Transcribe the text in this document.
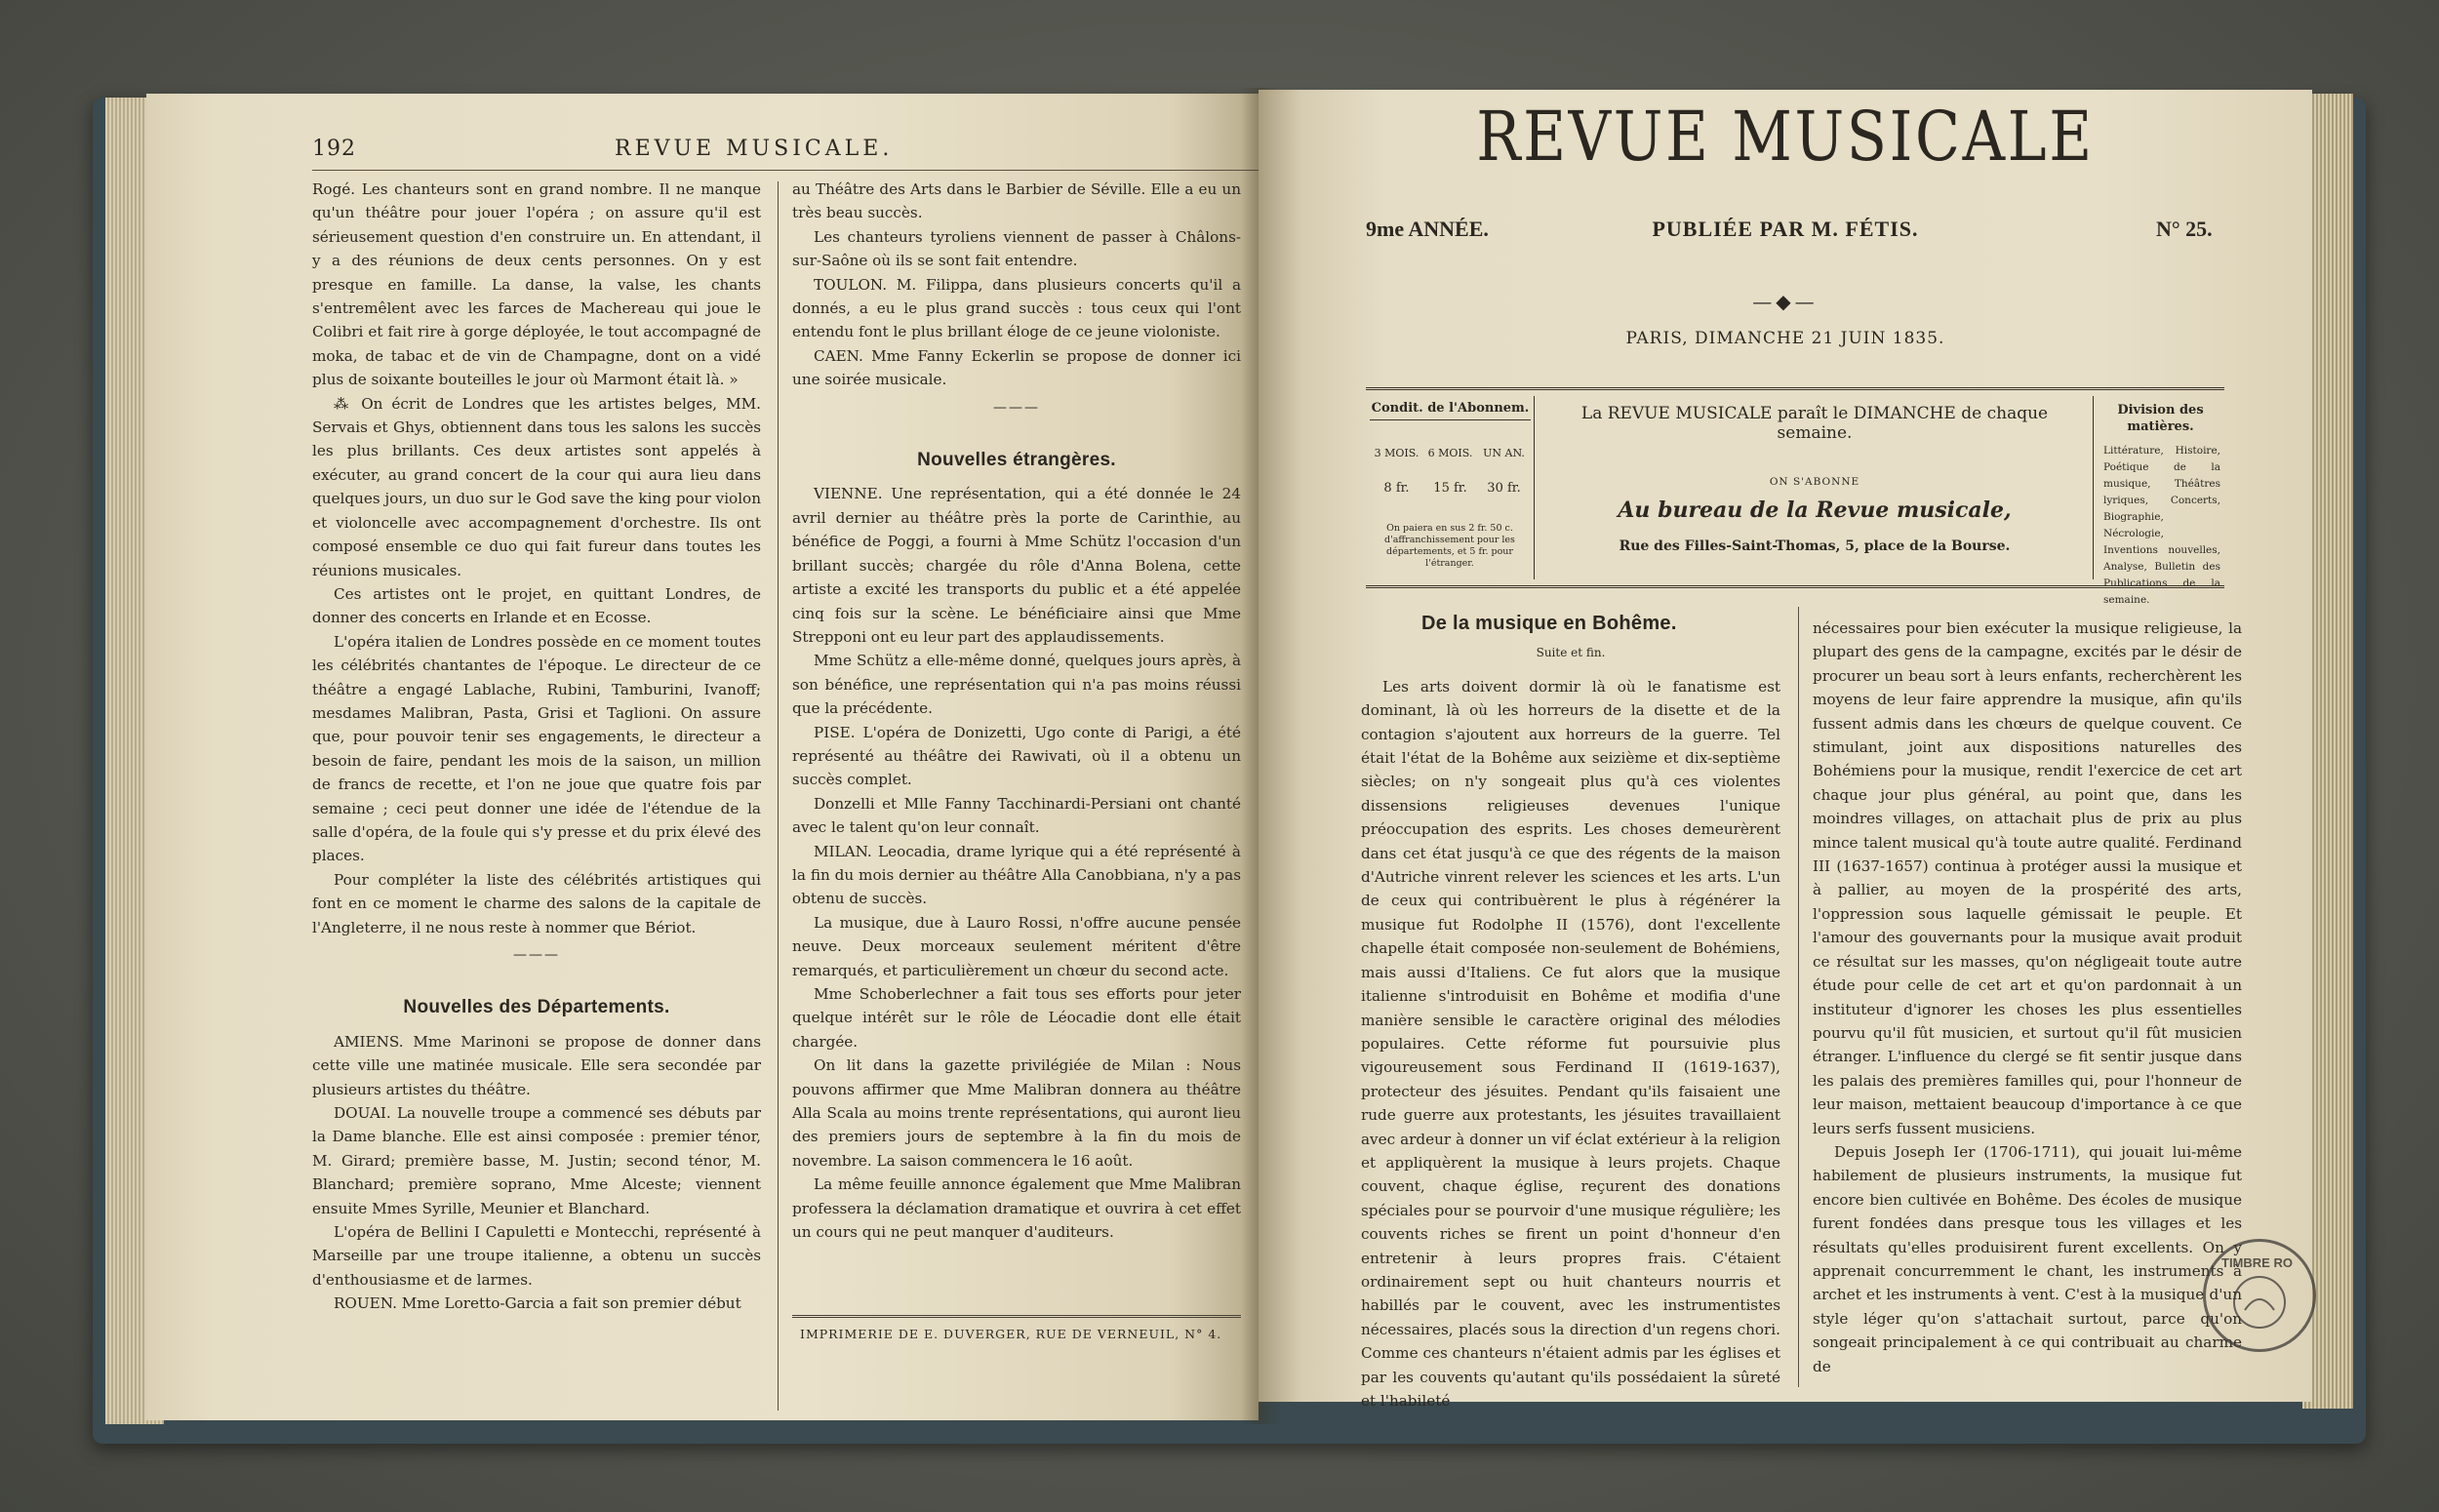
192	REVUE MUSICALE.

Rogé. Les chanteurs sont en grand nombre. Il ne manque qu'un théâtre pour jouer l'opéra ; on assure qu'il est sérieusement question d'en construire un. En attendant, il y a des réunions de deux cents personnes. On y est presque en famille. La danse, la valse, les chants s'entremêlent avec les farces de Machereau qui joue le Colibri et fait rire à gorge déployée, le tout accompagné de moka, de tabac et de vin de Champagne, dont on a vidé plus de soixante bouteilles le jour où Marmont était là. »

⁂ On écrit de Londres que les artistes belges, MM. Servais et Ghys, obtiennent dans tous les salons les succès les plus brillants. Ces deux artistes sont appelés à exécuter, au grand concert de la cour qui aura lieu dans quelques jours, un duo sur le God save the king pour violon et violoncelle avec accompagnement d'orchestre. Ils ont composé ensemble ce duo qui fait fureur dans toutes les réunions musicales.

Ces artistes ont le projet, en quittant Londres, de donner des concerts en Irlande et en Ecosse.

L'opéra italien de Londres possède en ce moment toutes les célébrités chantantes de l'époque. Le directeur de ce théâtre a engagé Lablache, Rubini, Tamburini, Ivanoff; mesdames Malibran, Pasta, Grisi et Taglioni. On assure que, pour pouvoir tenir ses engagements, le directeur a besoin de faire, pendant les mois de la saison, un million de francs de recette, et l'on ne joue que quatre fois par semaine ; ceci peut donner une idée de l'étendue de la salle d'opéra, de la foule qui s'y presse et du prix élevé des places.

Pour compléter la liste des célébrités artistiques qui font en ce moment le charme des salons de la capitale de l'Angleterre, il ne nous reste à nommer que Bériot.

———
Nouvelles des Départements.

AMIENS. Mme Marinoni se propose de donner dans cette ville une matinée musicale. Elle sera secondée par plusieurs artistes du théâtre.

DOUAI. La nouvelle troupe a commencé ses débuts par la Dame blanche. Elle est ainsi composée : premier ténor, M. Girard; première basse, M. Justin; second ténor, M. Blanchard; première soprano, Mme Alceste; viennent ensuite Mmes Syrille, Meunier et Blanchard.

L'opéra de Bellini I Capuletti e Montecchi, représenté à Marseille par une troupe italienne, a obtenu un succès d'enthousiasme et de larmes.

ROUEN. Mme Loretto-Garcia a fait son premier début

au Théâtre des Arts dans le Barbier de Séville. Elle a eu un très beau succès.

Les chanteurs tyroliens viennent de passer à Châlons-sur-Saône où ils se sont fait entendre.

TOULON. M. Filippa, dans plusieurs concerts qu'il a donnés, a eu le plus grand succès : tous ceux qui l'ont entendu font le plus brillant éloge de ce jeune violoniste.

CAEN. Mme Fanny Eckerlin se propose de donner ici une soirée musicale.

———
Nouvelles étrangères.

VIENNE. Une représentation, qui a été donnée le 24 avril dernier au théâtre près la porte de Carinthie, au bénéfice de Poggi, a fourni à Mme Schütz l'occasion d'un brillant succès; chargée du rôle d'Anna Bolena, cette artiste a excité les transports du public et a été appelée cinq fois sur la scène. Le bénéficiaire ainsi que Mme Strepponi ont eu leur part des applaudissements.

Mme Schütz a elle-même donné, quelques jours après, à son bénéfice, une représentation qui n'a pas moins réussi que la précédente.

PISE. L'opéra de Donizetti, Ugo conte di Parigi, a été représenté au théâtre dei Rawivati, où il a obtenu un succès complet.

Donzelli et Mlle Fanny Tacchinardi-Persiani ont chanté avec le talent qu'on leur connaît.

MILAN. Leocadia, drame lyrique qui a été représenté à la fin du mois dernier au théâtre Alla Canobbiana, n'y a pas obtenu de succès.

La musique, due à Lauro Rossi, n'offre aucune pensée neuve. Deux morceaux seulement méritent d'être remarqués, et particulièrement un chœur du second acte.

Mme Schoberlechner a fait tous ses efforts pour jeter quelque intérêt sur le rôle de Léocadie dont elle était chargée.

On lit dans la gazette privilégiée de Milan : Nous pouvons affirmer que Mme Malibran donnera au théâtre Alla Scala au moins trente représentations, qui auront lieu des premiers jours de septembre à la fin du mois de novembre. La saison commencera le 16 août.

La même feuille annonce également que Mme Malibran professera la déclamation dramatique et ouvrira à cet effet un cours qui ne peut manquer d'auditeurs.

IMPRIMERIE DE E. DUVERGER, RUE DE VERNEUIL, N° 4.
REVUE MUSICALE
9me ANNÉE.	PUBLIÉE PAR M. FÉTIS.	N° 25.
—◆—
PARIS, DIMANCHE 21 JUIN 1835.
Condit. de l'Abonnem.
3 MOIS. 6 MOIS. UN AN.
8 fr.	15 fr.	30 fr.
On paiera en sus 2 fr. 50 c. d'affranchissement pour les départements, et 5 fr. pour l'étranger.
La REVUE MUSICALE paraît le DIMANCHE de chaque semaine.
ON S'ABONNE
Au bureau de la Revue musicale,
Rue des Filles-Saint-Thomas, 5, place de la Bourse.
Division des matières.
Littérature, Histoire, Poétique de la musique, Théâtres lyriques, Concerts, Biographie, Nécrologie, Inventions nouvelles, Analyse, Bulletin des Publications de la semaine.
De la musique en Bohême.
Suite et fin.

Les arts doivent dormir là où le fanatisme est dominant, là où les horreurs de la disette et de la contagion s'ajoutent aux horreurs de la guerre. Tel était l'état de la Bohême aux seizième et dix-septième siècles; on n'y songeait plus qu'à ces violentes dissensions religieuses devenues l'unique préoccupation des esprits. Les choses demeurèrent dans cet état jusqu'à ce que des régents de la maison d'Autriche vinrent relever les sciences et les arts. L'un de ceux qui contribuèrent le plus à régénérer la musique fut Rodolphe II (1576), dont l'excellente chapelle était composée non-seulement de Bohémiens, mais aussi d'Italiens. Ce fut alors que la musique italienne s'introduisit en Bohême et modifia d'une manière sensible le caractère original des mélodies populaires. Cette réforme fut poursuivie plus vigoureusement sous Ferdinand II (1619-1637), protecteur des jésuites. Pendant qu'ils faisaient une rude guerre aux protestants, les jésuites travaillaient avec ardeur à donner un vif éclat extérieur à la religion et appliquèrent la musique à leurs projets. Chaque couvent, chaque église, reçurent des donations spéciales pour se pourvoir d'une musique régulière; les couvents riches se firent un point d'honneur d'en entretenir à leurs propres frais. C'étaient ordinairement sept ou huit chanteurs nourris et habillés par le couvent, avec les instrumentistes nécessaires, placés sous la direction d'un regens chori. Comme ces chanteurs n'étaient admis par les églises et par les couvents qu'autant qu'ils possédaient la sûreté et l'habileté

nécessaires pour bien exécuter la musique religieuse, la plupart des gens de la campagne, excités par le désir de procurer un beau sort à leurs enfants, recherchèrent les moyens de leur faire apprendre la musique, afin qu'ils fussent admis dans les chœurs de quelque couvent. Ce stimulant, joint aux dispositions naturelles des Bohémiens pour la musique, rendit l'exercice de cet art chaque jour plus général, au point que, dans les moindres villages, on attachait plus de prix au plus mince talent musical qu'à toute autre qualité. Ferdinand III (1637-1657) continua à protéger aussi la musique et à pallier, au moyen de la prospérité des arts, l'oppression sous laquelle gémissait le peuple. Et l'amour des gouvernants pour la musique avait produit ce résultat sur les masses, qu'on négligeait toute autre étude pour celle de cet art et qu'on pardonnait à un instituteur d'ignorer les choses les plus essentielles pourvu qu'il fût musicien, et surtout qu'il fût musicien étranger. L'influence du clergé se fit sentir jusque dans les palais des premières familles qui, pour l'honneur de leur maison, mettaient beaucoup d'importance à ce que leurs serfs fussent musiciens.

Depuis Joseph Ier (1706-1711), qui jouait lui-même habilement de plusieurs instruments, la musique fut encore bien cultivée en Bohême. Des écoles de musique furent fondées dans presque tous les villages et les résultats qu'elles produisirent furent excellents. On y apprenait concurremment le chant, les instruments à archet et les instruments à vent. C'est à la musique d'un style léger qu'on s'attachait surtout, parce qu'on songeait principalement à ce qui contribuait au charme de

TIMBRE RO
